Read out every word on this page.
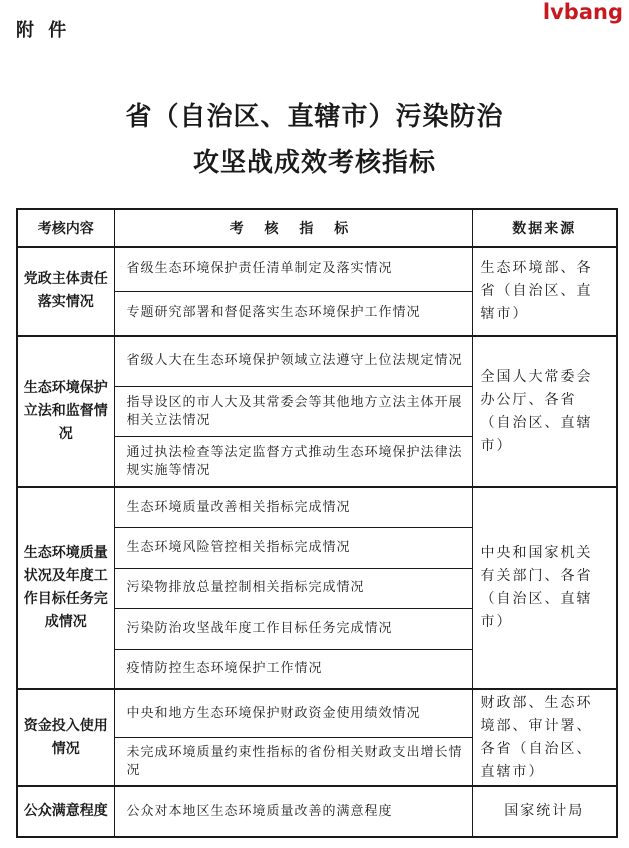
附 件
lvbang
省（自治区、直辖市）污染防治
攻坚战成效考核指标
考核内容	考 核 指 标	数据来源
党政主体责任落实情况	省级生态环境保护责任清单制定及落实情况	生态环境部、各省（自治区、直辖市）
	专题研究部署和督促落实生态环境保护工作情况	
生态环境保护立法和监督情况	省级人大在生态环境保护领域立法遵守上位法规定情况	全国人大常委会办公厅、各省（自治区、直辖市）
	指导设区的市人大及其常委会等其他地方立法主体开展相关立法情况	
	通过执法检查等法定监督方式推动生态环境保护法律法规实施等情况	
生态环境质量状况及年度工作目标任务完成情况	生态环境质量改善相关指标完成情况	中央和国家机关有关部门、各省（自治区、直辖市）
	生态环境风险管控相关指标完成情况	
	污染物排放总量控制相关指标完成情况	
	污染防治攻坚战年度工作目标任务完成情况	
	疫情防控生态环境保护工作情况	
资金投入使用情况	中央和地方生态环境保护财政资金使用绩效情况	财政部、生态环境部、审计署、各省（自治区、直辖市）
	未完成环境质量约束性指标的省份相关财政支出增长情况	
公众满意程度	公众对本地区生态环境质量改善的满意程度	国家统计局
